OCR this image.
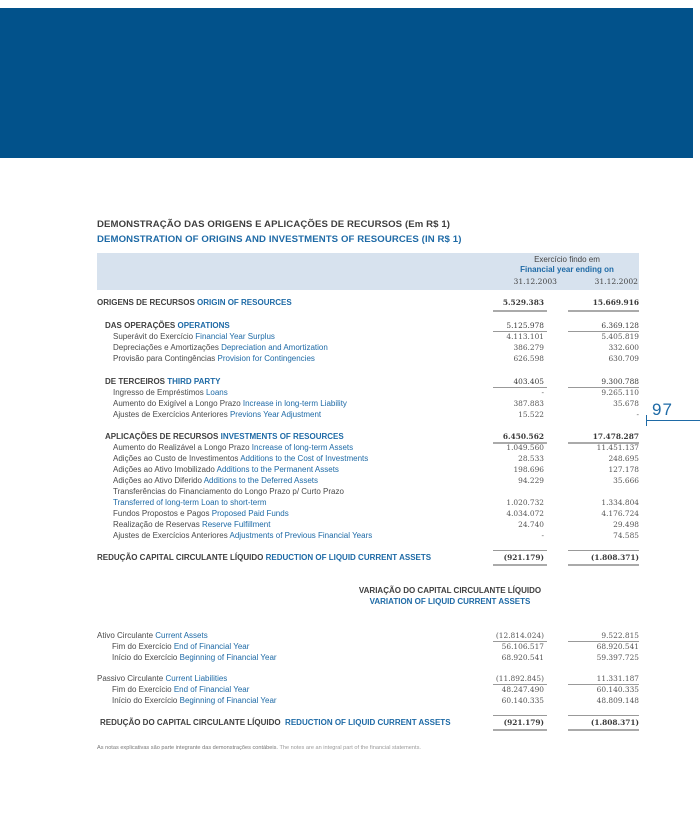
DEMONSTRAÇÃO DAS ORIGENS E APLICAÇÕES DE RECURSOS (Em R$ 1)
DEMONSTRATION OF ORIGINS AND INVESTMENTS OF RESOURCES (IN R$ 1)
Exercício findo em
Financial year ending on
31.12.2003	31.12.2002
ORIGENS DE RECURSOS ORIGIN OF RESOURCES	5.529.383	15.669.916
DAS OPERAÇÕES OPERATIONS	5.125.978	6.369.128
Superávit do Exercício Financial Year Surplus	4.113.101	5.405.819
Depreciações e Amortizações Depreciation and Amortization	386.279	332.600
Provisão para Contingências Provision for Contingencies	626.598	630.709
DE TERCEIROS THIRD PARTY	403.405	9.300.788
Ingresso de Empréstimos Loans	-	9.265.110
Aumento do Exigível a Longo Prazo Increase in long-term Liability	387.883	35.678
Ajustes de Exercícios Anteriores Previons Year Adjustment	15.522	-
APLICAÇÕES DE RECURSOS INVESTMENTS OF RESOURCES	6.450.562	17.478.287
Aumento do Realizável a Longo Prazo Increase of long-term Assets	1.049.560	11.451.137
Adições ao Custo de Investimentos Additions to the Cost of Investments	28.533	248.695
Adições ao Ativo Imobilizado Additions to the Permanent Assets	198.696	127.178
Adições ao Ativo Diferido Additions to the Deferred Assets	94.229	35.666
Transferências do Financiamento do Longo Prazo p/ Curto Prazo
Transferred of long-term Loan to short-term	1.020.732	1.334.804
Fundos Propostos e Pagos Proposed Paid Funds	4.034.072	4.176.724
Realização de Reservas Reserve Fulfillment	24.740	29.498
Ajustes de Exercícios Anteriores Adjustments of Previous Financial Years	-	74.585
REDUÇÃO CAPITAL CIRCULANTE LÍQUIDO REDUCTION OF LIQUID CURRENT ASSETS	(921.179)	(1.808.371)
VARIAÇÃO DO CAPITAL CIRCULANTE LÍQUIDO
VARIATION OF LIQUID CURRENT ASSETS
Ativo Circulante Current Assets	(12.814.024)	9.522.815
Fim do Exercício End of Financial Year	56.106.517	68.920.541
Início do Exercício Beginning of Financial Year	68.920.541	59.397.725
Passivo Circulante Current Liabilities	(11.892.845)	11.331.187
Fim do Exercício End of Financial Year	48.247.490	60.140.335
Início do Exercício Beginning of Financial Year	60.140.335	48.809.148
REDUÇÃO DO CAPITAL CIRCULANTE LÍQUIDO REDUCTION OF LIQUID CURRENT ASSETS	(921.179)	(1.808.371)
As notas explicativas são parte integrante das demonstrações contábeis. The notes are an integral part of the financial statements.
97
